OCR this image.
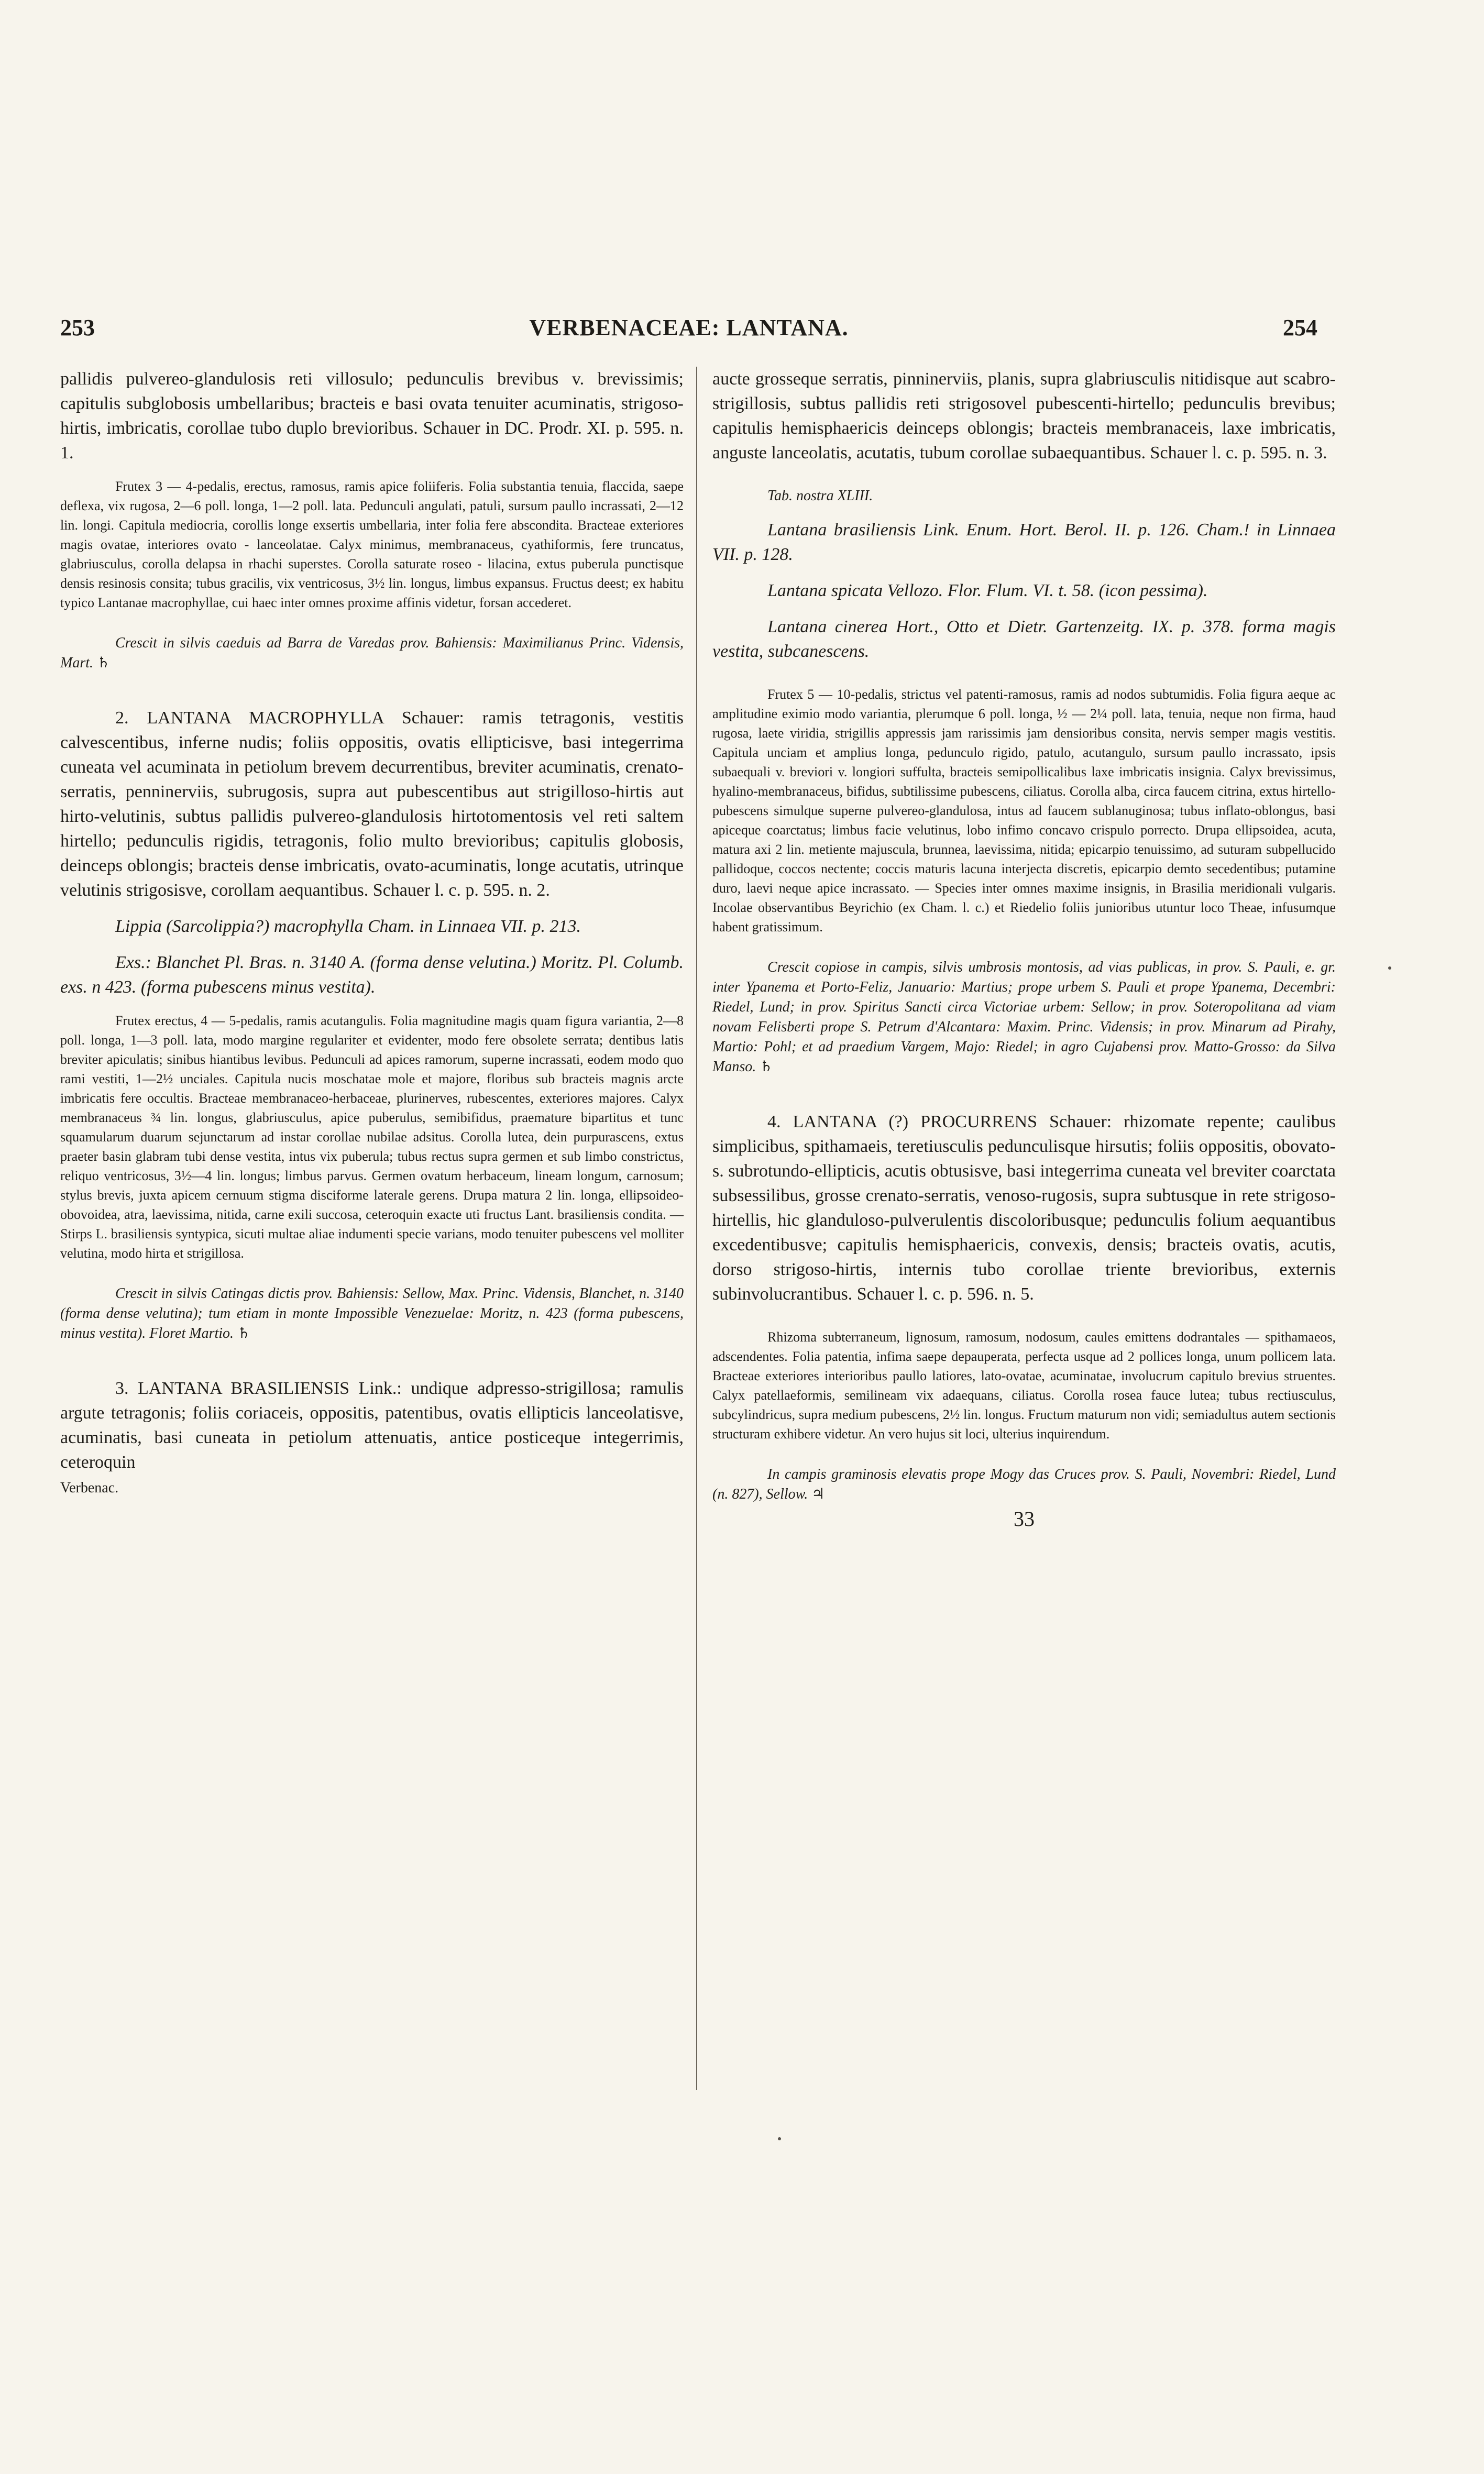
253	VERBENACEAE: LANTANA.	254

pallidis pulvereo-glandulosis reti villosulo; pedunculis brevibus v. brevissimis; capitulis subglobosis umbellaribus; bracteis e basi ovata tenuiter acuminatis, strigoso-hirtis, imbricatis, corollae tubo duplo brevioribus. Schauer in DC. Prodr. XI. p. 595. n. 1.

Frutex 3 — 4-pedalis, erectus, ramosus, ramis apice foliiferis. Folia substantia tenuia, flaccida, saepe deflexa, vix rugosa, 2—6 poll. longa, 1—2 poll. lata. Pedunculi angulati, patuli, sursum paullo incrassati, 2—12 lin. longi. Capitula mediocria, corollis longe exsertis umbellaria, inter folia fere abscondita. Bracteae exteriores magis ovatae, interiores ovato - lanceolatae. Calyx minimus, membranaceus, cyathiformis, fere truncatus, glabriusculus, corolla delapsa in rhachi superstes. Corolla saturate roseo - lilacina, extus puberula punctisque densis resinosis consita; tubus gracilis, vix ventricosus, 3½ lin. longus, limbus expansus. Fructus deest; ex habitu typico Lantanae macrophyllae, cui haec inter omnes proxime affinis videtur, forsan accederet.

Crescit in silvis caeduis ad Barra de Varedas prov. Bahiensis: Maximilianus Princ. Vidensis, Mart. ♄

2. LANTANA MACROPHYLLA Schauer: ramis tetragonis, vestitis calvescentibus, inferne nudis; foliis oppositis, ovatis ellipticisve, basi integerrima cuneata vel acuminata in petiolum brevem decurrentibus, breviter acuminatis, crenato-serratis, penninerviis, subrugosis, supra aut pubescentibus aut strigilloso-hirtis aut hirto-velutinis, subtus pallidis pulvereo-glandulosis hirtotomentosis vel reti saltem hirtello; pedunculis rigidis, tetragonis, folio multo brevioribus; capitulis globosis, deinceps oblongis; bracteis dense imbricatis, ovato-acuminatis, longe acutatis, utrinque velutinis strigosisve, corollam aequantibus. Schauer l. c. p. 595. n. 2.

Lippia (Sarcolippia?) macrophylla Cham. in Linnaea VII. p. 213.

Exs.: Blanchet Pl. Bras. n. 3140 A. (forma dense velutina.) Moritz. Pl. Columb. exs. n 423. (forma pubescens minus vestita).

Frutex erectus, 4 — 5-pedalis, ramis acutangulis. Folia magnitudine magis quam figura variantia, 2—8 poll. longa, 1—3 poll. lata, modo margine regulariter et evidenter, modo fere obsolete serrata; dentibus latis breviter apiculatis; sinibus hiantibus levibus. Pedunculi ad apices ramorum, superne incrassati, eodem modo quo rami vestiti, 1—2½ unciales. Capitula nucis moschatae mole et majore, floribus sub bracteis magnis arcte imbricatis fere occultis. Bracteae membranaceo-herbaceae, plurinerves, rubescentes, exteriores majores. Calyx membranaceus ¾ lin. longus, glabriusculus, apice puberulus, semibifidus, praemature bipartitus et tunc squamularum duarum sejunctarum ad instar corollae nubilae adsitus. Corolla lutea, dein purpurascens, extus praeter basin glabram tubi dense vestita, intus vix puberula; tubus rectus supra germen et sub limbo constrictus, reliquo ventricosus, 3½—4 lin. longus; limbus parvus. Germen ovatum herbaceum, lineam longum, carnosum; stylus brevis, juxta apicem cernuum stigma disciforme laterale gerens. Drupa matura 2 lin. longa, ellipsoideo-obovoidea, atra, laevissima, nitida, carne exili succosa, ceteroquin exacte uti fructus Lant. brasiliensis condita. — Stirps L. brasiliensis syntypica, sicuti multae aliae indumenti specie varians, modo tenuiter pubescens vel molliter velutina, modo hirta et strigillosa.

Crescit in silvis Catingas dictis prov. Bahiensis: Sellow, Max. Princ. Vidensis, Blanchet, n. 3140 (forma dense velutina); tum etiam in monte Impossible Venezuelae: Moritz, n. 423 (forma pubescens, minus vestita). Floret Martio. ♄

3. LANTANA BRASILIENSIS Link.: undique adpresso-strigillosa; ramulis argute tetragonis; foliis coriaceis, oppositis, patentibus, ovatis ellipticis lanceolatisve, acuminatis, basi cuneata in petiolum attenuatis, antice posticeque integerrimis, ceteroquin

Verbenac.

aucte grosseque serratis, pinninerviis, planis, supra glabriusculis nitidisque aut scabro-strigillosis, subtus pallidis reti strigosovel pubescenti-hirtello; pedunculis brevibus; capitulis hemisphaericis deinceps oblongis; bracteis membranaceis, laxe imbricatis, anguste lanceolatis, acutatis, tubum corollae subaequantibus. Schauer l. c. p. 595. n. 3.

Tab. nostra XLIII.

Lantana brasiliensis Link. Enum. Hort. Berol. II. p. 126. Cham.! in Linnaea VII. p. 128.

Lantana spicata Vellozo. Flor. Flum. VI. t. 58. (icon pessima).

Lantana cinerea Hort., Otto et Dietr. Gartenzeitg. IX. p. 378. forma magis vestita, subcanescens.

Frutex 5 — 10-pedalis, strictus vel patenti-ramosus, ramis ad nodos subtumidis. Folia figura aeque ac amplitudine eximio modo variantia, plerumque 6 poll. longa, ½ — 2¼ poll. lata, tenuia, neque non firma, haud rugosa, laete viridia, strigillis appressis jam rarissimis jam densioribus consita, nervis semper magis vestitis. Capitula unciam et amplius longa, pedunculo rigido, patulo, acutangulo, sursum paullo incrassato, ipsis subaequali v. breviori v. longiori suffulta, bracteis semipollicalibus laxe imbricatis insignia. Calyx brevissimus, hyalino-membranaceus, bifidus, subtilissime pubescens, ciliatus. Corolla alba, circa faucem citrina, extus hirtello-pubescens simulque superne pulvereo-glandulosa, intus ad faucem sublanuginosa; tubus inflato-oblongus, basi apiceque coarctatus; limbus facie velutinus, lobo infimo concavo crispulo porrecto. Drupa ellipsoidea, acuta, matura axi 2 lin. metiente majuscula, brunnea, laevissima, nitida; epicarpio tenuissimo, ad suturam subpellucido pallidoque, coccos nectente; coccis maturis lacuna interjecta discretis, epicarpio demto secedentibus; putamine duro, laevi neque apice incrassato. — Species inter omnes maxime insignis, in Brasilia meridionali vulgaris. Incolae observantibus Beyrichio (ex Cham. l. c.) et Riedelio foliis junioribus utuntur loco Theae, infusumque habent gratissimum.

Crescit copiose in campis, silvis umbrosis montosis, ad vias publicas, in prov. S. Pauli, e. gr. inter Ypanema et Porto-Feliz, Januario: Martius; prope urbem S. Pauli et prope Ypanema, Decembri: Riedel, Lund; in prov. Spiritus Sancti circa Victoriae urbem: Sellow; in prov. Soteropolitana ad viam novam Felisberti prope S. Petrum d'Alcantara: Maxim. Princ. Vidensis; in prov. Minarum ad Pirahy, Martio: Pohl; et ad praedium Vargem, Majo: Riedel; in agro Cujabensi prov. Matto-Grosso: da Silva Manso. ♄

4. LANTANA (?) PROCURRENS Schauer: rhizomate repente; caulibus simplicibus, spithamaeis, teretiusculis pedunculisque hirsutis; foliis oppositis, obovato- s. subrotundo-ellipticis, acutis obtusisve, basi integerrima cuneata vel breviter coarctata subsessilibus, grosse crenato-serratis, venoso-rugosis, supra subtusque in rete strigoso-hirtellis, hic glanduloso-pulverulentis discoloribusque; pedunculis folium aequantibus excedentibusve; capitulis hemisphaericis, convexis, densis; bracteis ovatis, acutis, dorso strigoso-hirtis, internis tubo corollae triente brevioribus, externis subinvolucrantibus. Schauer l. c. p. 596. n. 5.

Rhizoma subterraneum, lignosum, ramosum, nodosum, caules emittens dodrantales — spithamaeos, adscendentes. Folia patentia, infima saepe depauperata, perfecta usque ad 2 pollices longa, unum pollicem lata. Bracteae exteriores interioribus paullo latiores, lato-ovatae, acuminatae, involucrum capitulo brevius struentes. Calyx patellaeformis, semilineam vix adaequans, ciliatus. Corolla rosea fauce lutea; tubus rectiusculus, subcylindricus, supra medium pubescens, 2½ lin. longus. Fructum maturum non vidi; semiadultus autem sectionis structuram exhibere videtur. An vero hujus sit loci, ulterius inquirendum.

In campis graminosis elevatis prope Mogy das Cruces prov. S. Pauli, Novembri: Riedel, Lund (n. 827), Sellow. ♃

33
